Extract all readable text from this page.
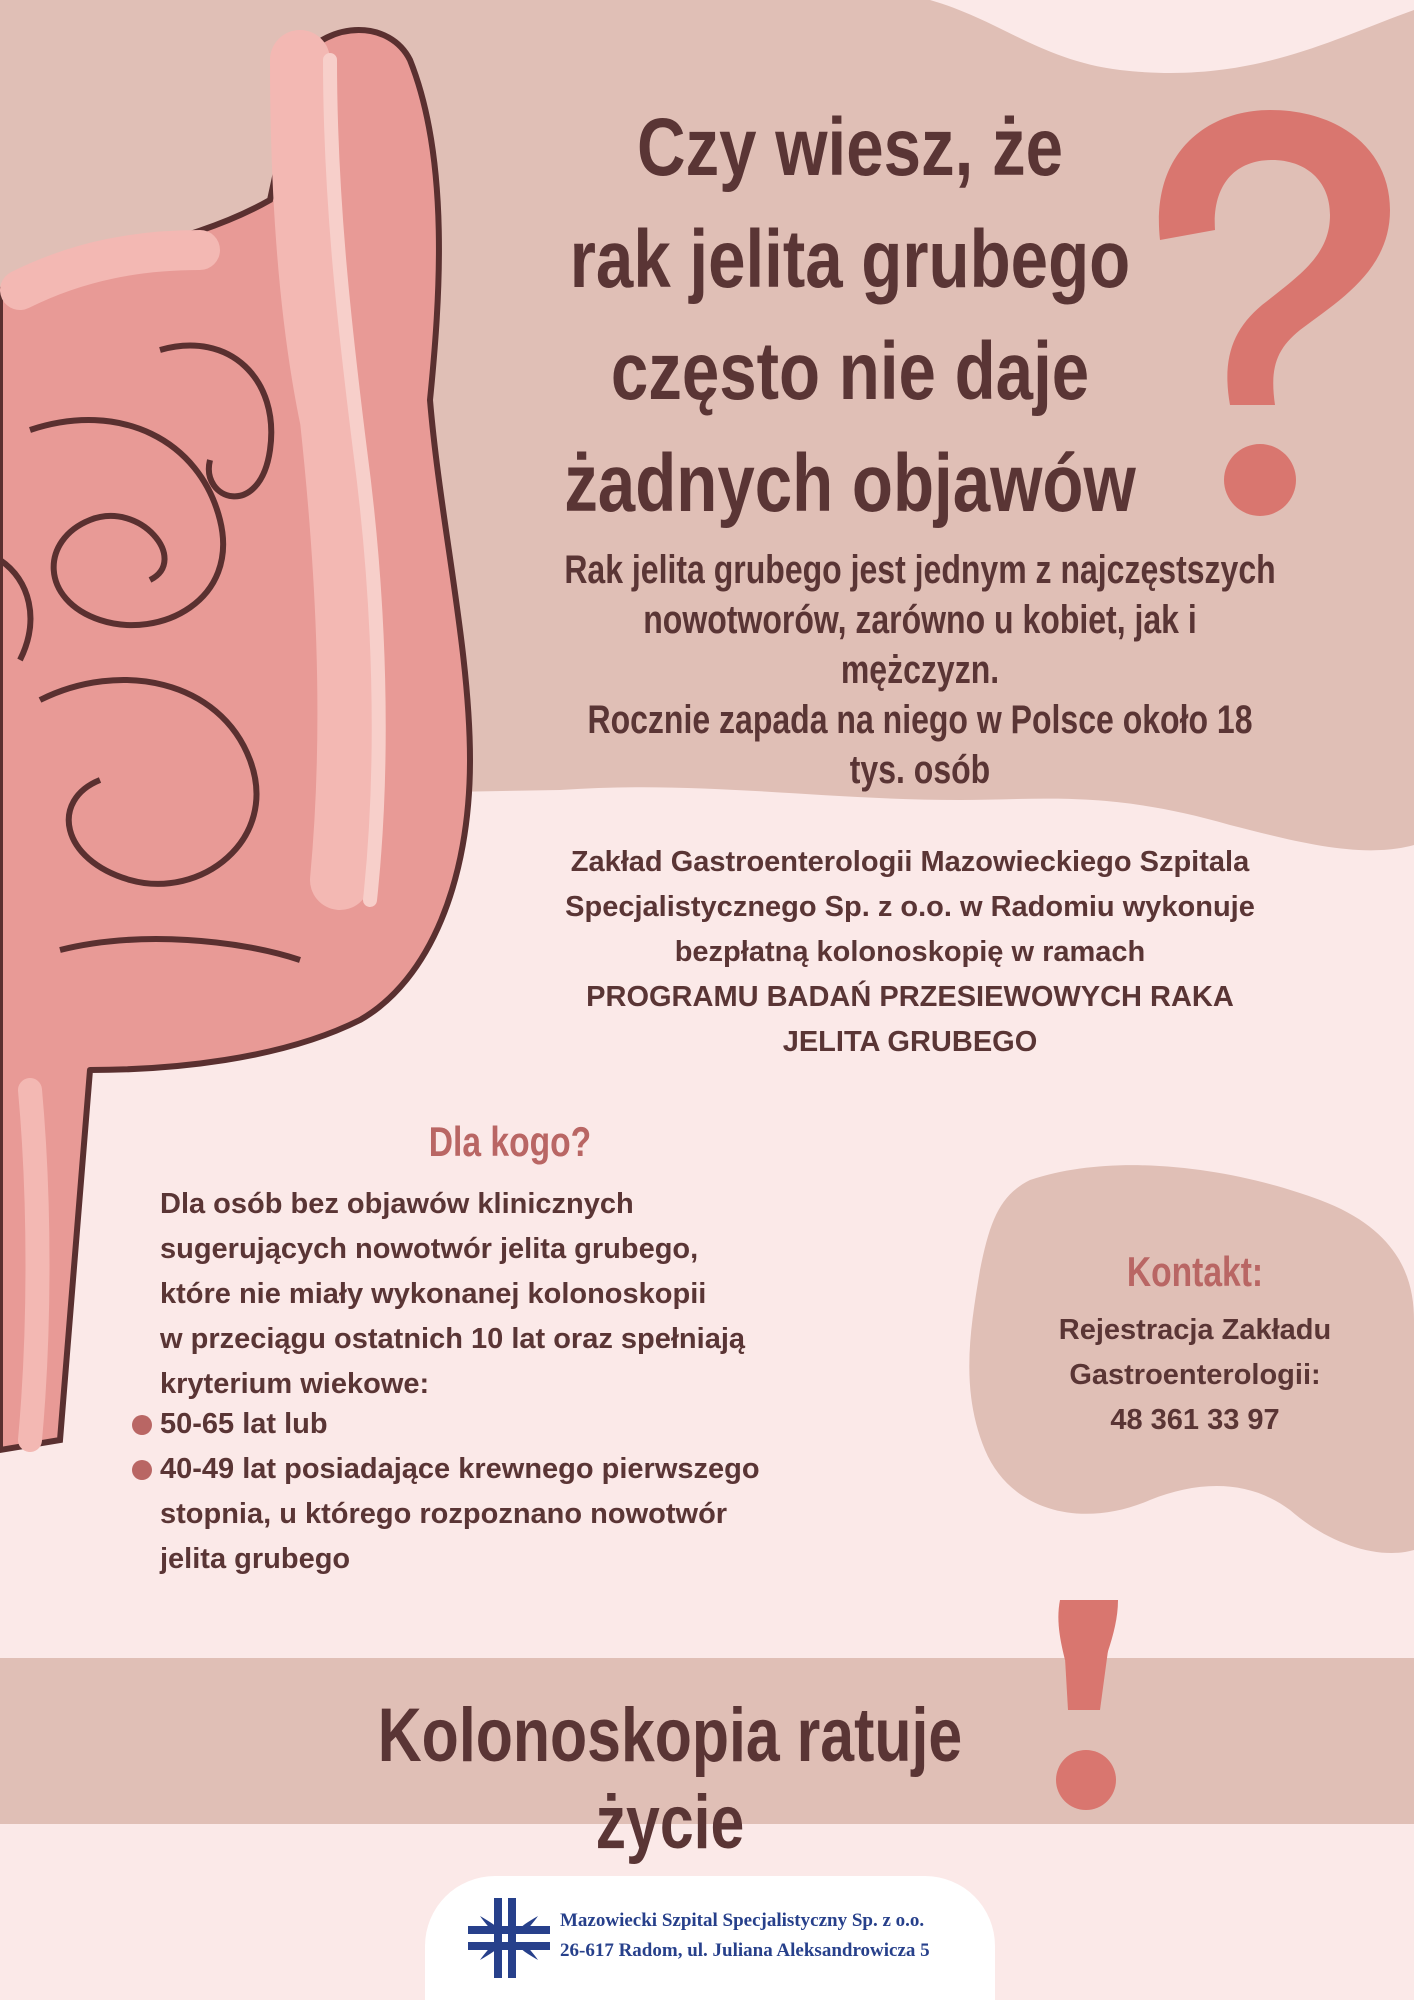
Czy wiesz, że
rak jelita grubego
często nie daje
żadnych objawów
Rak jelita grubego jest jednym z najczęstszych
nowotworów, zarówno u kobiet, jak i mężczyzn.
Rocznie zapada na niego w Polsce około 18 tys. osób
Zakład Gastroenterologii Mazowieckiego Szpitala
Specjalistycznego Sp. z o.o. w Radomiu wykonuje
bezpłatną kolonoskopię w ramach
PROGRAMU BADAŃ PRZESIEWOWYCH RAKA
JELITA GRUBEGO
Dla kogo?
Dla osób bez objawów klinicznych
sugerujących nowotwór jelita grubego,
które nie miały wykonanej kolonoskopii
w przeciągu ostatnich 10 lat oraz spełniają
kryterium wiekowe:
50-65 lat lub
40-49 lat posiadające krewnego pierwszego
stopnia, u którego rozpoznano nowotwór
jelita grubego
Kontakt:
Rejestracja Zakładu
Gastroenterologii:
48 361 33 97
Kolonoskopia ratuje życie
Mazowiecki Szpital Specjalistyczny Sp. z o.o.
26-617 Radom, ul. Juliana Aleksandrowicza 5
